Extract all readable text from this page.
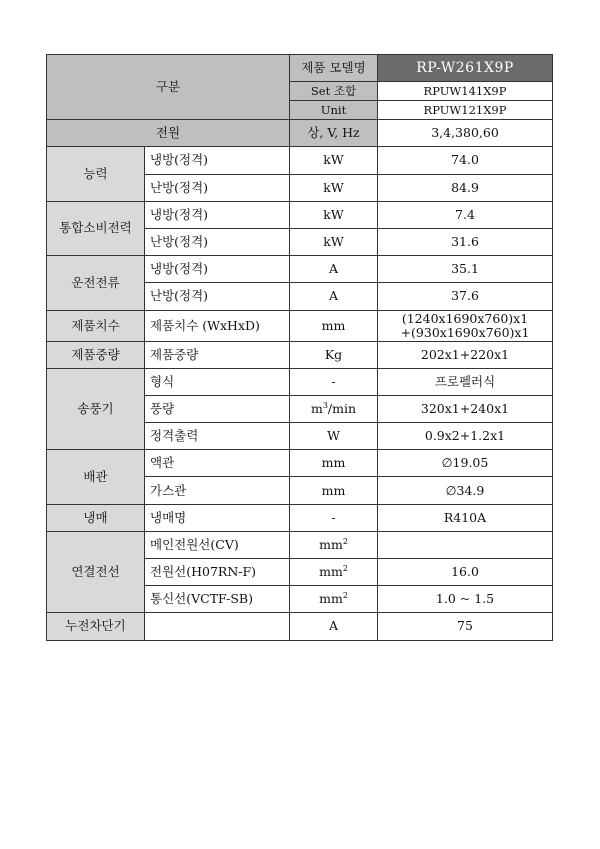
구분		제품 모델명	RP-W261X9P
		Set 조합	RPUW141X9P
		Unit	RPUW121X9P
전원		상, V, Hz	3,4,380,60
능력	냉방(정격)	kW	74.0
	난방(정격)	kW	84.9
통합소비전력	냉방(정격)	kW	7.4
	난방(정격)	kW	31.6
운전전류	냉방(정격)	A	35.1
	난방(정격)	A	37.6
제품치수	제품치수 (WxHxD)	mm	(1240x1690x760)x1
+(930x1690x760)x1

제품중량	제품중량	Kg	202x1+220x1
송풍기	형식	-	프로펠러식
	풍량	$m^3/\min$	320x1+240x1
	정격출력	W	0.9x2+1.2x1
배관	액관	mm	∅19.05
	가스관	mm	∅34.9
냉매	냉매명	-	R410A
연결전선	메인전원선(CV)	$mm^2$	
	전원선(H07RN-F)	$mm^2$	16.0
	통신선(VCTF-SB)	$mm^2$	1.0 ~ 1.5
누전차단기		A	75
